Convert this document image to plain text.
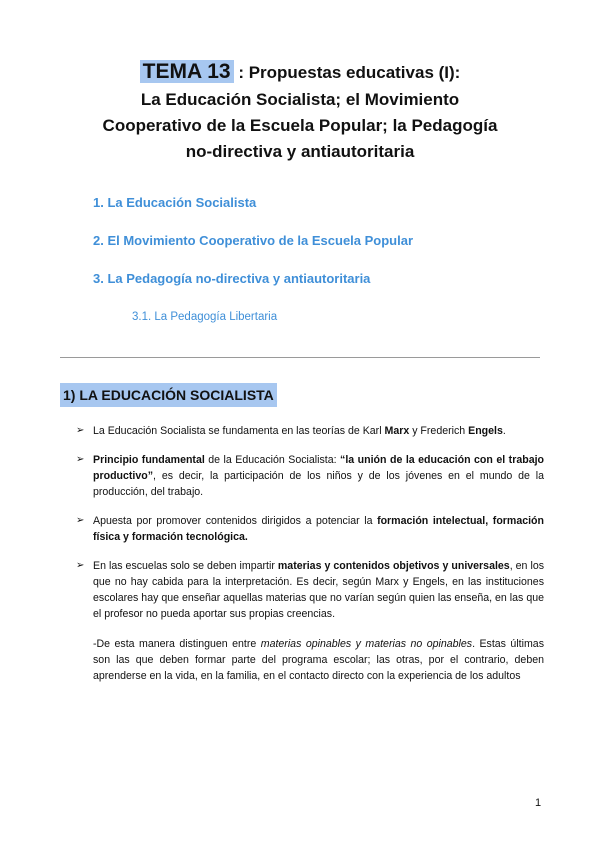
TEMA 13 : Propuestas educativas (I):
La Educación Socialista; el Movimiento
Cooperativo de la Escuela Popular; la Pedagogía
no-directiva y antiautoritaria
1. La Educación Socialista
2. El Movimiento Cooperativo de la Escuela Popular
3. La Pedagogía no-directiva y antiautoritaria
3.1. La Pedagogía Libertaria
1) LA EDUCACIÓN SOCIALISTA
➢ La Educación Socialista se fundamenta en las teorías de Karl Marx y Frederich Engels.
➢ Principio fundamental de la Educación Socialista: “la unión de la educación con el trabajo productivo”, es decir, la participación de los niños y de los jóvenes en el mundo de la producción, del trabajo.
➢ Apuesta por promover contenidos dirigidos a potenciar la formación intelectual, formación física y formación tecnológica.
➢ En las escuelas solo se deben impartir materias y contenidos objetivos y universales, en los que no hay cabida para la interpretación. Es decir, según Marx y Engels, en las instituciones escolares hay que enseñar aquellas materias que no varían según quien las enseña, en las que el profesor no pueda aportar sus propias creencias.
-De esta manera distinguen entre materias opinables y materias no opinables. Estas últimas son las que deben formar parte del programa escolar; las otras, por el contrario, deben aprenderse en la vida, en la familia, en el contacto directo con la experiencia de los adultos
1
